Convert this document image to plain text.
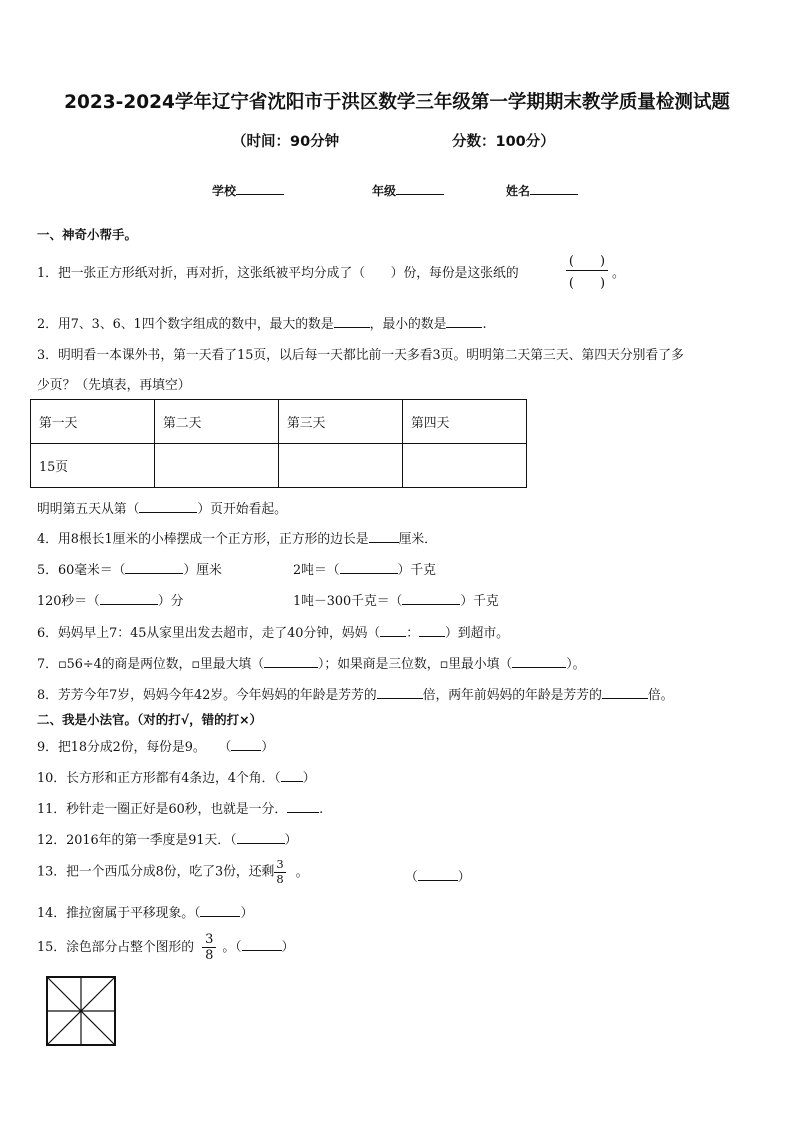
2023-2024学年辽宁省沈阳市于洪区数学三年级第一学期期末教学质量检测试题
（时间：90分钟	分数：100分）
学校	年级	姓名
一、神奇小帮手。
1．把一张正方形纸对折，再对折，这张纸被平均分成了（　　）份，每份是这张纸的
(　　)
(　　)
。
2．用7、3、6、1四个数字组成的数中，最大的数是	，最小的数是	.
3．明明看一本课外书，第一天看了15页，以后每一天都比前一天多看3页。明明第二天第三天、第四天分别看了多
少页？（先填表，再填空）
第一天	第二天	第三天	第四天
15页			
明明第五天从第（	）页开始看起。
4．用8根长1厘米的小棒摆成一个正方形，正方形的边长是 厘米．
5．60毫米＝（	）厘米	2吨＝（	）千克
120秒＝（	）分	1吨－300千克＝（	）千克
6．妈妈早上7：45从家里出发去超市，走了40分钟，妈妈（ ： ）到超市。
7．▫56÷4的商是两位数，▫里最大填（	）；如果商是三位数，▫里最小填（	）。
8．芳芳今年7岁，妈妈今年42岁。今年妈妈的年龄是芳芳的	倍，两年前妈妈的年龄是芳芳的	倍。
二、我是小法官。（对的打√，错的打×）
9．把18分成2份，每份是9。　　（ ）
10．长方形和正方形都有4条边，4个角．（ ）
11．秒针走一圈正好是60秒，也就是一分．	.
12．2016年的第一季度是91天．（	）
13．把一个西瓜分成8份，吃了3份，还剩 $\frac{3}{8}$ 。	（	）
14．推拉窗属于平移现象。（	）
15．涂色部分占整个图形的 $\frac{3}{8}$ 。（	）
